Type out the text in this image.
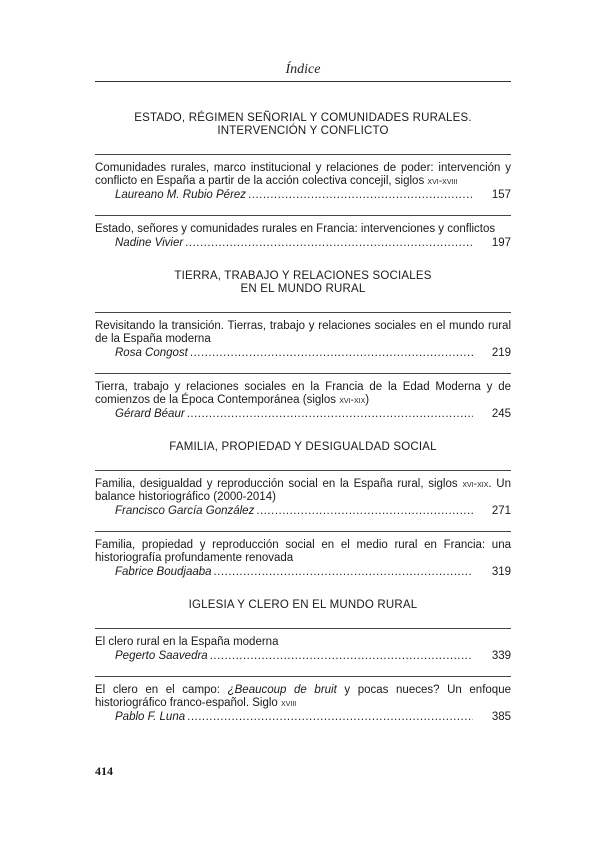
Índice
ESTADO, RÉGIMEN SEÑORIAL Y COMUNIDADES RURALES.
INTERVENCIÓN Y CONFLICTO
Comunidades rurales, marco institucional y relaciones de poder: intervención y conflicto en España a partir de la acción colectiva concejil, siglos xvi-xviii
Laureano M. Rubio Pérez .....	157
Estado, señores y comunidades rurales en Francia: intervenciones y conflictos
Nadine Vivier .....	197
TIERRA, TRABAJO Y RELACIONES SOCIALES
EN EL MUNDO RURAL
Revisitando la transición. Tierras, trabajo y relaciones sociales en el mundo rural de la España moderna
Rosa Congost .....	219
Tierra, trabajo y relaciones sociales en la Francia de la Edad Moderna y de comienzos de la Época Contemporánea (siglos xvi-xix)
Gérard Béaur .....	245
FAMILIA, PROPIEDAD Y DESIGUALDAD SOCIAL
Familia, desigualdad y reproducción social en la España rural, siglos xvi-xix. Un balance historiográfico (2000-2014)
Francisco García González .....	271
Familia, propiedad y reproducción social en el medio rural en Francia: una historiografía profundamente renovada
Fabrice Boudjaaba .....	319
IGLESIA Y CLERO EN EL MUNDO RURAL
El clero rural en la España moderna
Pegerto Saavedra .....	339
El clero en el campo: ¿Beaucoup de bruit y pocas nueces? Un enfoque historiográfico franco-español. Siglo xviii
Pablo F. Luna .....	385
414
